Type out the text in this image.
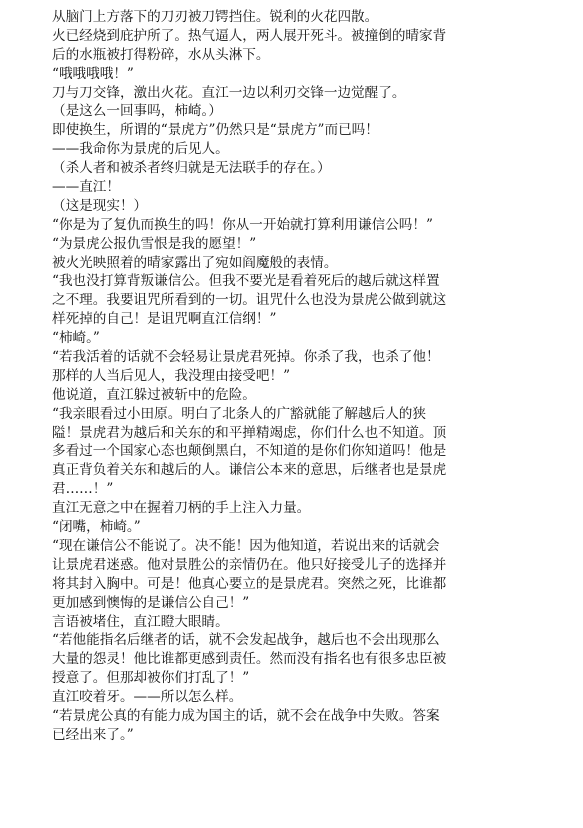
从脑门上方落下的刀刃被刀锷挡住。锐利的火花四散。
火已经烧到庇护所了。热气逼人，两人展开死斗。被撞倒的晴家背
后的水瓶被打得粉碎，水从头淋下。
“哦哦哦哦！”
刀与刀交锋，激出火花。直江一边以利刃交锋一边觉醒了。
（是这么一回事吗，柿崎。）
即使换生，所谓的“景虎方”仍然只是“景虎方”而已吗！
——我命你为景虎的后见人。
（杀人者和被杀者终归就是无法联手的存在。）
——直江！
（这是现实！）
“你是为了复仇而换生的吗！你从一开始就打算利用谦信公吗！”
“为景虎公报仇雪恨是我的愿望！”
被火光映照着的晴家露出了宛如阎魔般的表情。
“我也没打算背叛谦信公。但我不要光是看着死后的越后就这样置
之不理。我要诅咒所看到的一切。诅咒什么也没为景虎公做到就这
样死掉的自己！是诅咒啊直江信纲！”
“柿崎。”
“若我活着的话就不会轻易让景虎君死掉。你杀了我，也杀了他！
那样的人当后见人，我没理由接受吧！”
他说道，直江躲过被斩中的危险。
“我亲眼看过小田原。明白了北条人的广豁就能了解越后人的狭
隘！景虎君为越后和关东的和平掸精竭虑，你们什么也不知道。顶
多看过一个国家心态也颠倒黑白，不知道的是你们你知道吗！他是
真正背负着关东和越后的人。谦信公本来的意思，后继者也是景虎
君……！”
直江无意之中在握着刀柄的手上注入力量。
“闭嘴，柿崎。”
“现在谦信公不能说了。决不能！因为他知道，若说出来的话就会
让景虎君迷惑。他对景胜公的亲情仍在。他只好接受儿子的选择并
将其封入胸中。可是！他真心要立的是景虎君。突然之死，比谁都
更加感到懊悔的是谦信公自己！”
言语被堵住，直江瞪大眼睛。
“若他能指名后继者的话，就不会发起战争，越后也不会出现那么
大量的怨灵！他比谁都更感到责任。然而没有指名也有很多忠臣被
授意了。但那却被你们打乱了！”
直江咬着牙。——所以怎么样。
“若景虎公真的有能力成为国主的话，就不会在战争中失败。答案
已经出来了。”
